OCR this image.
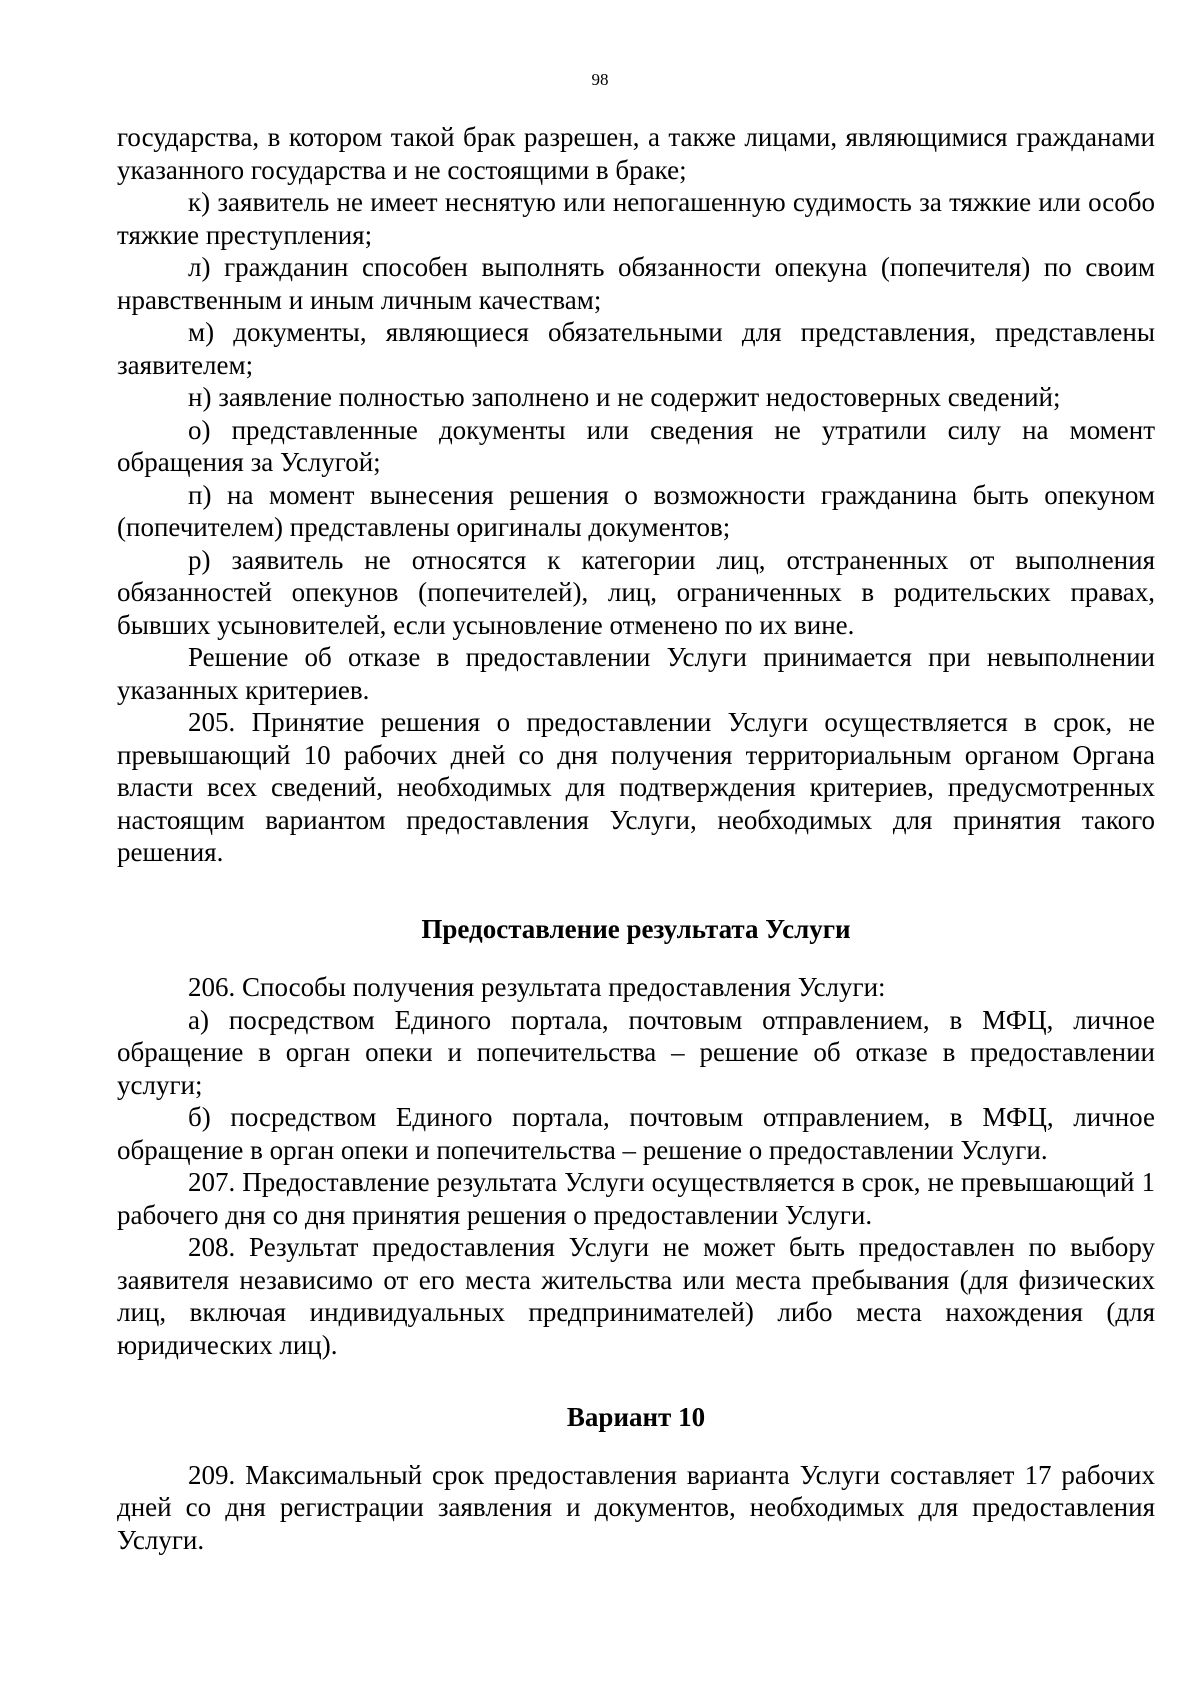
98

государства, в котором такой брак разрешен, а также лицами, являющимися гражданами указанного государства и не состоящими в браке;

к) заявитель не имеет неснятую или непогашенную судимость за тяжкие или особо тяжкие преступления;

л) гражданин способен выполнять обязанности опекуна (попечителя) по своим нравственным и иным личным качествам;

м) документы, являющиеся обязательными для представления, представлены заявителем;

н) заявление полностью заполнено и не содержит недостоверных сведений;

о) представленные документы или сведения не утратили силу на момент обращения за Услугой;

п) на момент вынесения решения о возможности гражданина быть опекуном (попечителем) представлены оригиналы документов;

р) заявитель не относятся к категории лиц, отстраненных от выполнения обязанностей опекунов (попечителей), лиц, ограниченных в родительских правах, бывших усыновителей, если усыновление отменено по их вине.

Решение об отказе в предоставлении Услуги принимается при невыполнении указанных критериев.

205. Принятие решения о предоставлении Услуги осуществляется в срок, не превышающий 10 рабочих дней со дня получения территориальным органом Органа власти всех сведений, необходимых для подтверждения критериев, предусмотренных настоящим вариантом предоставления Услуги, необходимых для принятия такого решения.

Предоставление результата Услуги

206. Способы получения результата предоставления Услуги:

а) посредством Единого портала, почтовым отправлением, в МФЦ, личное обращение в орган опеки и попечительства – решение об отказе в предоставлении услуги;

б) посредством Единого портала, почтовым отправлением, в МФЦ, личное обращение в орган опеки и попечительства – решение о предоставлении Услуги.

207. Предоставление результата Услуги осуществляется в срок, не превышающий 1 рабочего дня со дня принятия решения о предоставлении Услуги.

208. Результат предоставления Услуги не может быть предоставлен по выбору заявителя независимо от его места жительства или места пребывания (для физических лиц, включая индивидуальных предпринимателей) либо места нахождения (для юридических лиц).

Вариант 10

209. Максимальный срок предоставления варианта Услуги составляет 17 рабочих дней со дня регистрации заявления и документов, необходимых для предоставления Услуги.
